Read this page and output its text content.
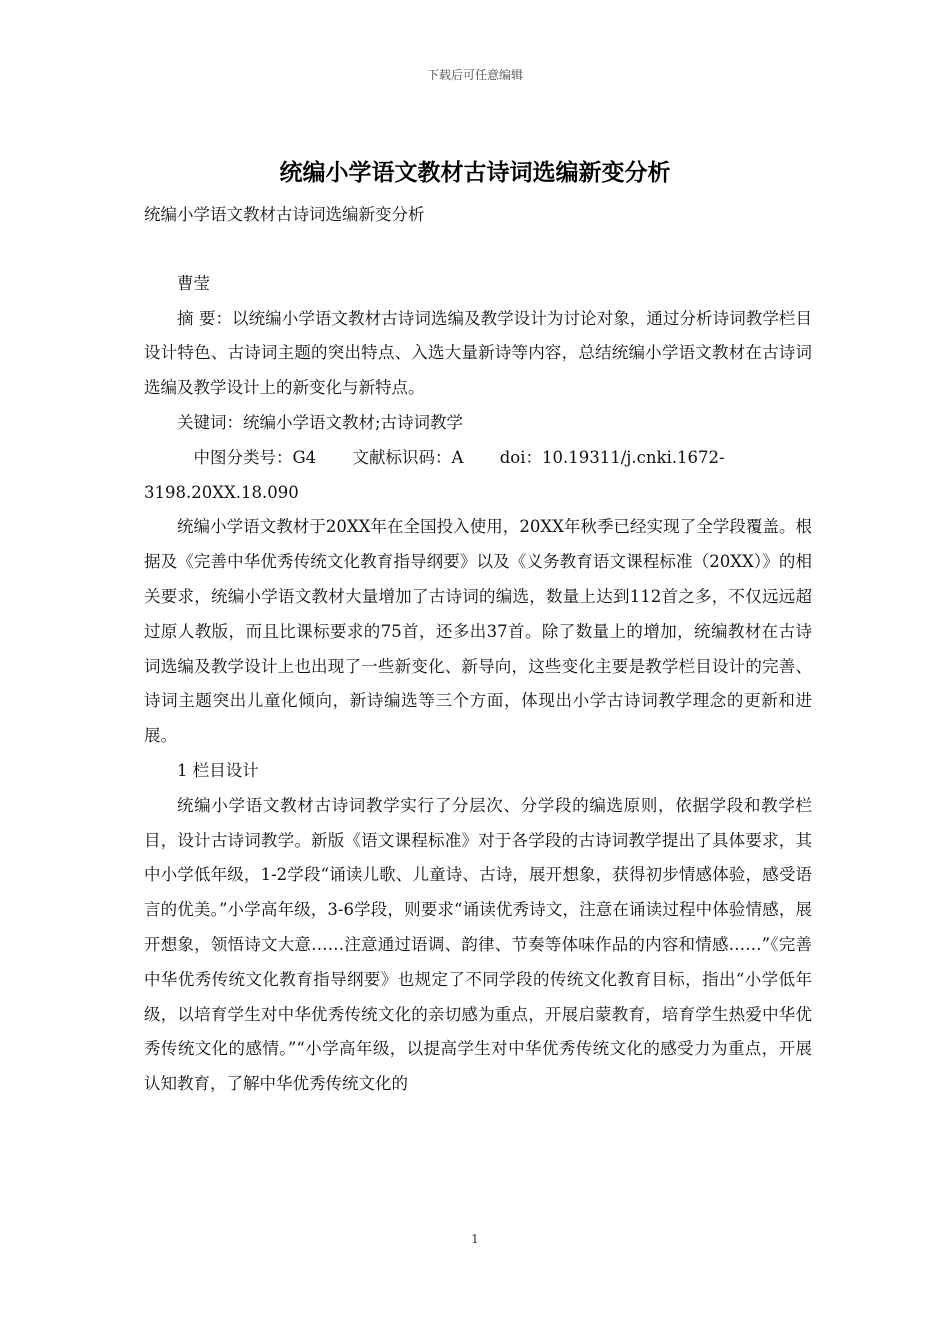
下载后可任意编辑
统编小学语文教材古诗词选编新变分析

统编小学语文教材古诗词选编新变分析

曹莹

摘 要：以统编小学语文教材古诗词选编及教学设计为讨论对象，通过分析诗词教学栏目设计特色、古诗词主题的突出特点、入选大量新诗等内容，总结统编小学语文教材在古诗词选编及教学设计上的新变化与新特点。

关键词：统编小学语文教材;古诗词教学

中图分类号：G4 文献标识码：A doi：10.19311/j.cnki.1672-

3198.20XX.18.090

统编小学语文教材于20XX年在全国投入使用，20XX年秋季已经实现了全学段覆盖。根据及《完善中华优秀传统文化教育指导纲要》以及《义务教育语文课程标准（20XX）》的相关要求，统编小学语文教材大量增加了古诗词的编选，数量上达到112首之多，不仅远远超过原人教版，而且比课标要求的75首，还多出37首。除了数量上的增加，统编教材在古诗词选编及教学设计上也出现了一些新变化、新导向，这些变化主要是教学栏目设计的完善、诗词主题突出儿童化倾向，新诗编选等三个方面，体现出小学古诗词教学理念的更新和进展。

1 栏目设计

统编小学语文教材古诗词教学实行了分层次、分学段的编选原则，依据学段和教学栏目，设计古诗词教学。新版《语文课程标准》对于各学段的古诗词教学提出了具体要求，其中小学低年级，1-2学段“诵读儿歌、儿童诗、古诗，展开想象，获得初步情感体验，感受语言的优美。”小学高年级，3-6学段，则要求“诵读优秀诗文，注意在诵读过程中体验情感，展开想象，领悟诗文大意……注意通过语调、韵律、节奏等体味作品的内容和情感……”《完善中华优秀传统文化教育指导纲要》也规定了不同学段的传统文化教育目标，指出“小学低年级，以培育学生对中华优秀传统文化的亲切感为重点，开展启蒙教育，培育学生热爱中华优秀传统文化的感情。”“小学高年级，以提高学生对中华优秀传统文化的感受力为重点，开展认知教育，了解中华优秀传统文化的

1
